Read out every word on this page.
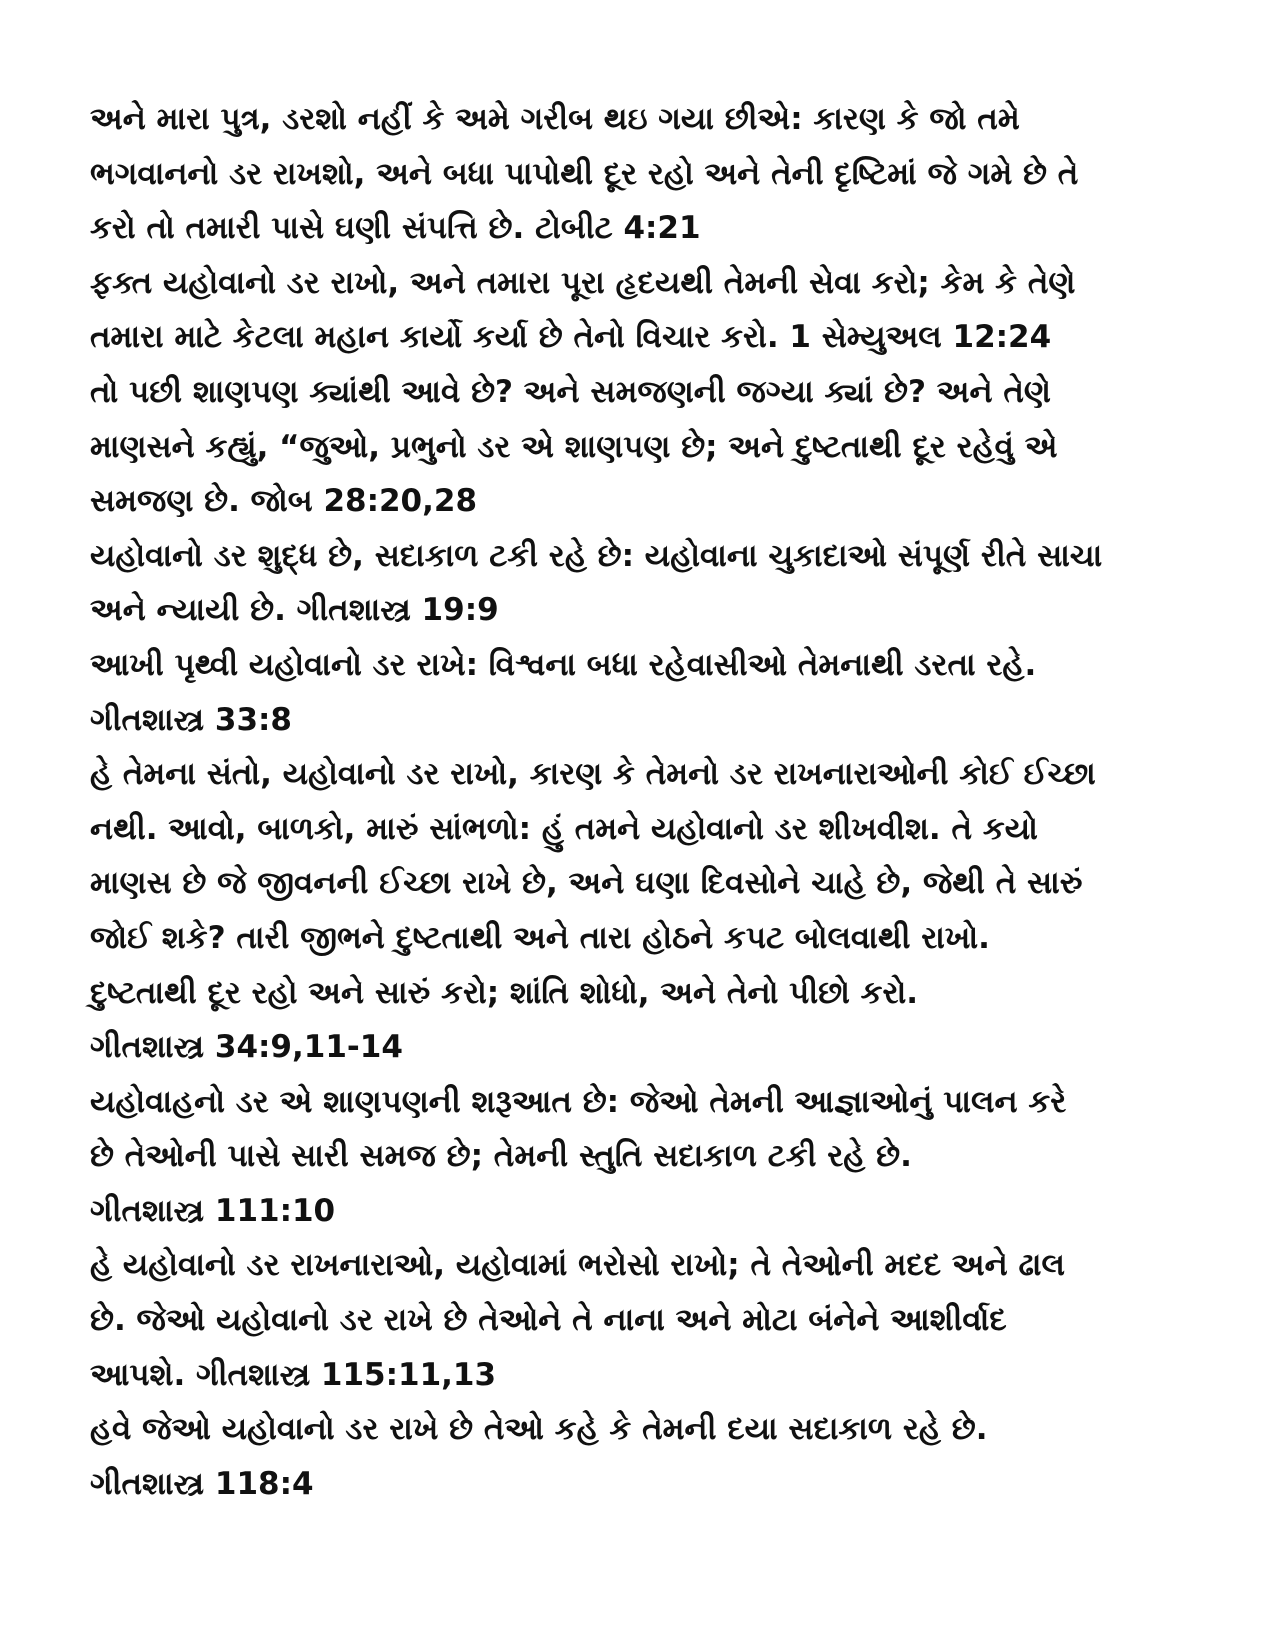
અને મારા પુત્ર, ડરશો નહીં કે અમે ગરીબ થઇ ગયા છીએ: કારણ કે જો તમે
ભગવાનનો ડર રાખશો, અને બધા પાપોથી દૂર રહો અને તેની દૃષ્ટિમાં જે ગમે છે તે
કરો તો તમારી પાસે ઘણી સંપત્તિ છે. ટોબીટ 4:21
ફક્ત યહોવાનો ડર રાખો, અને તમારા પૂરા હૃદયથી તેમની સેવા કરો; કેમ કે તેણે
તમારા માટે કેટલા મહાન કાર્યો કર્યા છે તેનો વિચાર કરો. 1 સેમ્યુઅલ 12:24
તો પછી શાણપણ ક્યાંથી આવે છે? અને સમજણની જગ્યા ક્યાં છે? અને તેણે
માણસને કહ્યું, “જુઓ, પ્રભુનો ડર એ શાણપણ છે; અને દુષ્ટતાથી દૂર રહેવું એ
સમજણ છે. જોબ 28:20,28
યહોવાનો ડર શુદ્ધ છે, સદાકાળ ટકી રહે છે: યહોવાના ચુકાદાઓ સંપૂર્ણ રીતે સાચા
અને ન્યાયી છે. ગીતશાસ્ત્ર 19:9
આખી પૃથ્વી યહોવાનો ડર રાખે: વિશ્વના બધા રહેવાસીઓ તેમનાથી ડરતા રહે.
ગીતશાસ્ત્ર 33:8
હે તેમના સંતો, યહોવાનો ડર રાખો, કારણ કે તેમનો ડર રાખનારાઓની કોઈ ઈચ્છા
નથી. આવો, બાળકો, મારું સાંભળો: હું તમને યહોવાનો ડર શીખવીશ. તે કયો
માણસ છે જે જીવનની ઈચ્છા રાખે છે, અને ઘણા દિવસોને ચાહે છે, જેથી તે સારું
જોઈ શકે? તારી જીભને દુષ્ટતાથી અને તારા હોઠને કપટ બોલવાથી રાખો.
દુષ્ટતાથી દૂર રહો અને સારું કરો; શાંતિ શોધો, અને તેનો પીછો કરો.
ગીતશાસ્ત્ર 34:9,11-14
યહોવાહનો ડર એ શાણપણની શરૂઆત છે: જેઓ તેમની આજ્ઞાઓનું પાલન કરે
છે તેઓની પાસે સારી સમજ છે; તેમની સ્તુતિ સદાકાળ ટકી રહે છે.
ગીતશાસ્ત્ર 111:10
હે યહોવાનો ડર રાખનારાઓ, યહોવામાં ભરોસો રાખો; તે તેઓની મદદ અને ઢાલ
છે. જેઓ યહોવાનો ડર રાખે છે તેઓને તે નાના અને મોટા બંનેને આશીર્વાદ
આપશે. ગીતશાસ્ત્ર 115:11,13
હવે જેઓ યહોવાનો ડર રાખે છે તેઓ કહે કે તેમની દયા સદાકાળ રહે છે.
ગીતશાસ્ત્ર 118:4
